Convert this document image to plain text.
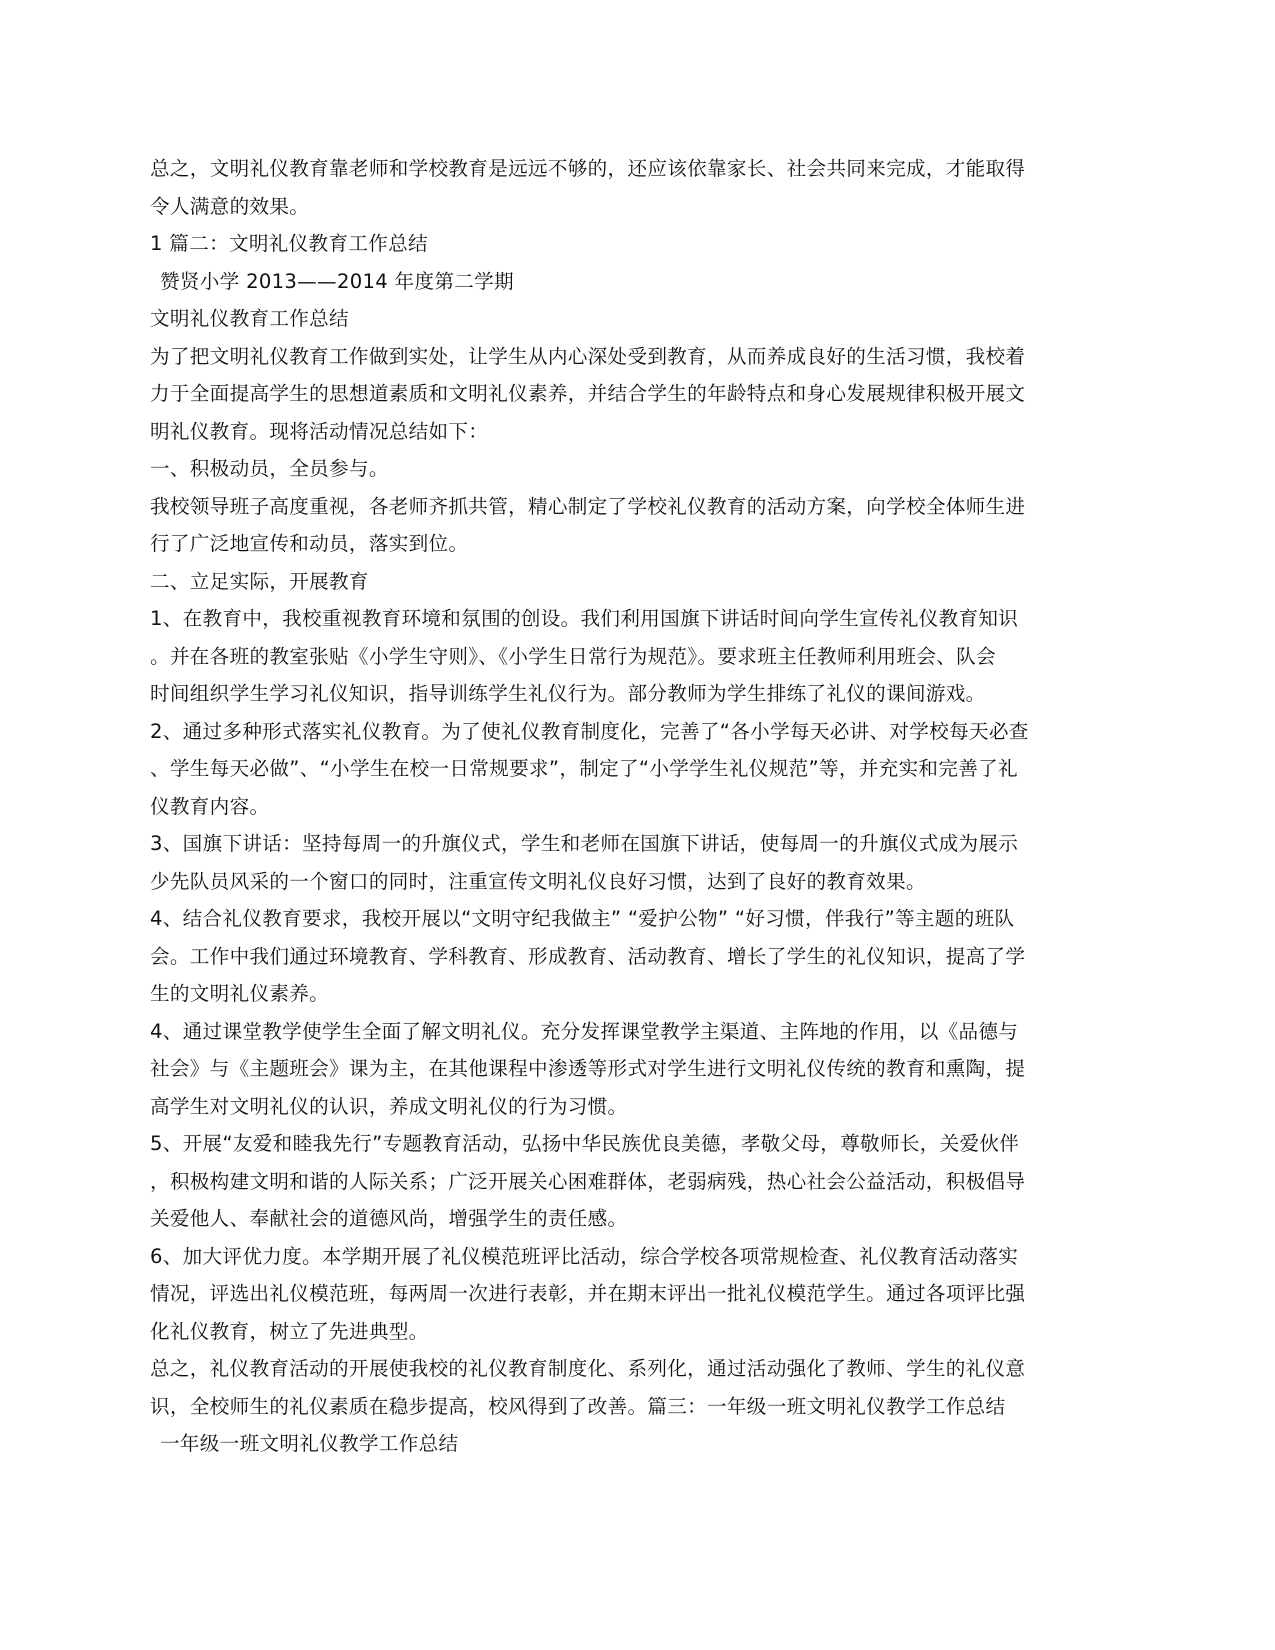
总之，文明礼仪教育靠老师和学校教育是远远不够的，还应该依靠家长、社会共同来完成，才能取得
令人满意的效果。
1 篇二：文明礼仪教育工作总结
赞贤小学 2013——2014 年度第二学期
文明礼仪教育工作总结
为了把文明礼仪教育工作做到实处，让学生从内心深处受到教育，从而养成良好的生活习惯，我校着
力于全面提高学生的思想道素质和文明礼仪素养，并结合学生的年龄特点和身心发展规律积极开展文
明礼仪教育。现将活动情况总结如下：
一、积极动员，全员参与。
我校领导班子高度重视，各老师齐抓共管，精心制定了学校礼仪教育的活动方案，向学校全体师生进
行了广泛地宣传和动员，落实到位。
二、立足实际，开展教育
1、在教育中，我校重视教育环境和氛围的创设。我们利用国旗下讲话时间向学生宣传礼仪教育知识
。并在各班的教室张贴《小学生守则》、《小学生日常行为规范》。要求班主任教师利用班会、队会
时间组织学生学习礼仪知识，指导训练学生礼仪行为。部分教师为学生排练了礼仪的课间游戏。
2、通过多种形式落实礼仪教育。为了使礼仪教育制度化，完善了“各小学每天必讲、对学校每天必查
、学生每天必做”、“小学生在校一日常规要求”，制定了“小学学生礼仪规范”等，并充实和完善了礼
仪教育内容。
3、国旗下讲话：坚持每周一的升旗仪式，学生和老师在国旗下讲话，使每周一的升旗仪式成为展示
少先队员风采的一个窗口的同时，注重宣传文明礼仪良好习惯，达到了良好的教育效果。
4、结合礼仪教育要求，我校开展以“文明守纪我做主” “爱护公物” “好习惯，伴我行”等主题的班队
会。工作中我们通过环境教育、学科教育、形成教育、活动教育、增长了学生的礼仪知识，提高了学
生的文明礼仪素养。
4、通过课堂教学使学生全面了解文明礼仪。充分发挥课堂教学主渠道、主阵地的作用，以《品德与
社会》与《主题班会》课为主，在其他课程中渗透等形式对学生进行文明礼仪传统的教育和熏陶，提
高学生对文明礼仪的认识，养成文明礼仪的行为习惯。
5、开展“友爱和睦我先行”专题教育活动，弘扬中华民族优良美德，孝敬父母，尊敬师长，关爱伙伴
，积极构建文明和谐的人际关系；广泛开展关心困难群体，老弱病残，热心社会公益活动，积极倡导
关爱他人、奉献社会的道德风尚，增强学生的责任感。
6、加大评优力度。本学期开展了礼仪模范班评比活动，综合学校各项常规检查、礼仪教育活动落实
情况，评选出礼仪模范班，每两周一次进行表彰，并在期末评出一批礼仪模范学生。通过各项评比强
化礼仪教育，树立了先进典型。
总之，礼仪教育活动的开展使我校的礼仪教育制度化、系列化，通过活动强化了教师、学生的礼仪意
识，全校师生的礼仪素质在稳步提高，校风得到了改善。篇三：一年级一班文明礼仪教学工作总结
一年级一班文明礼仪教学工作总结
